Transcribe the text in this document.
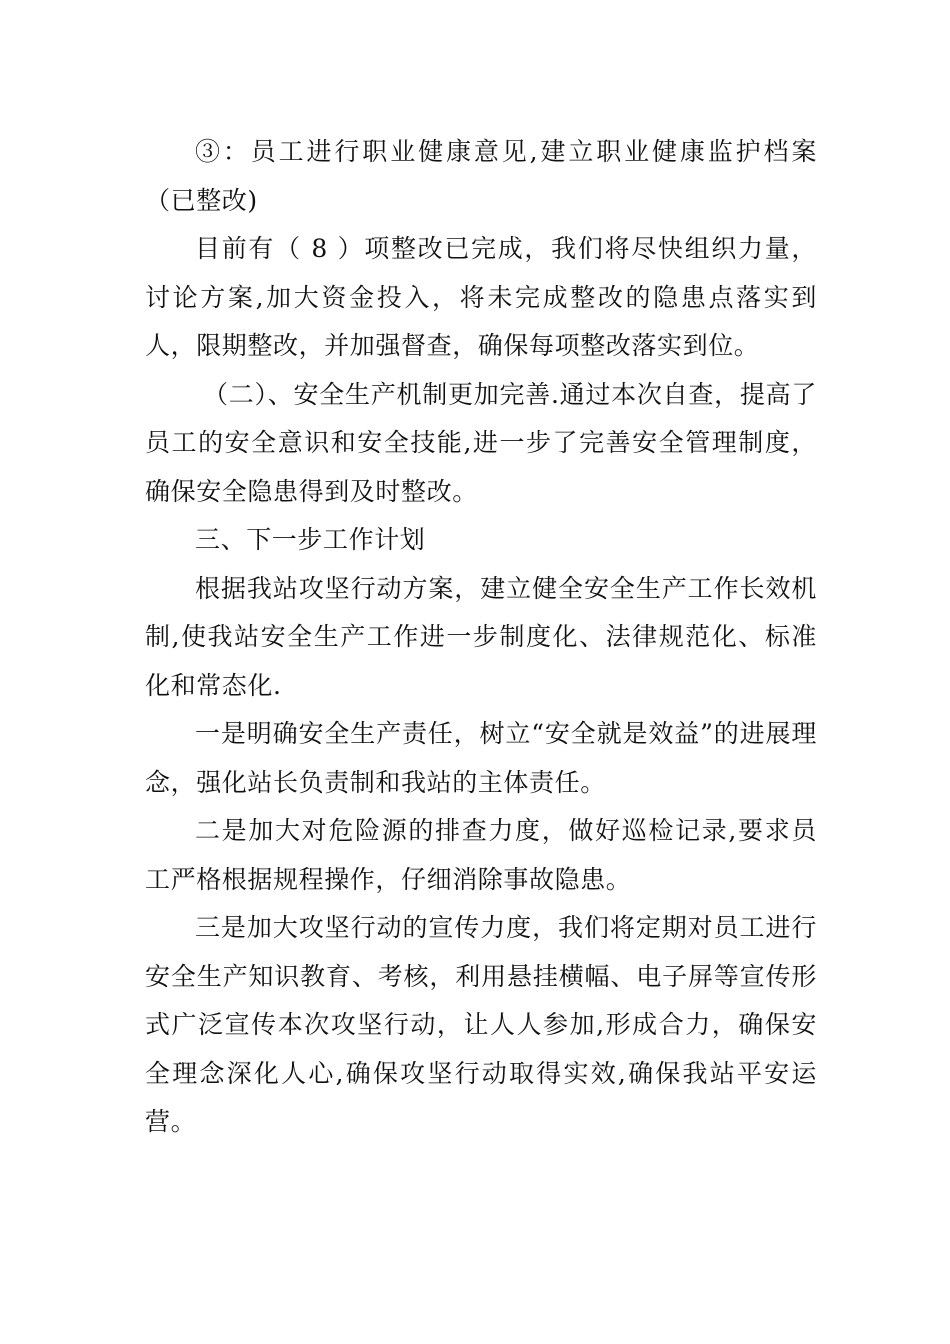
③：员工进行职业健康意见,建立职业健康监护档案（已整改)

目前有（ 8 ）项整改已完成，我们将尽快组织力量，讨论方案,加大资金投入，将未完成整改的隐患点落实到人，限期整改，并加强督查，确保每项整改落实到位。

（二）、安全生产机制更加完善.通过本次自查，提高了员工的安全意识和安全技能,进一步了完善安全管理制度，确保安全隐患得到及时整改。

三、下一步工作计划

根据我站攻坚行动方案，建立健全安全生产工作长效机制,使我站安全生产工作进一步制度化、法律规范化、标准化和常态化.

一是明确安全生产责任，树立“安全就是效益”的进展理念，强化站长负责制和我站的主体责任。

二是加大对危险源的排查力度，做好巡检记录,要求员工严格根据规程操作，仔细消除事故隐患。

三是加大攻坚行动的宣传力度，我们将定期对员工进行安全生产知识教育、考核，利用悬挂横幅、电子屏等宣传形式广泛宣传本次攻坚行动，让人人参加,形成合力，确保安全理念深化人心,确保攻坚行动取得实效,确保我站平安运营。
